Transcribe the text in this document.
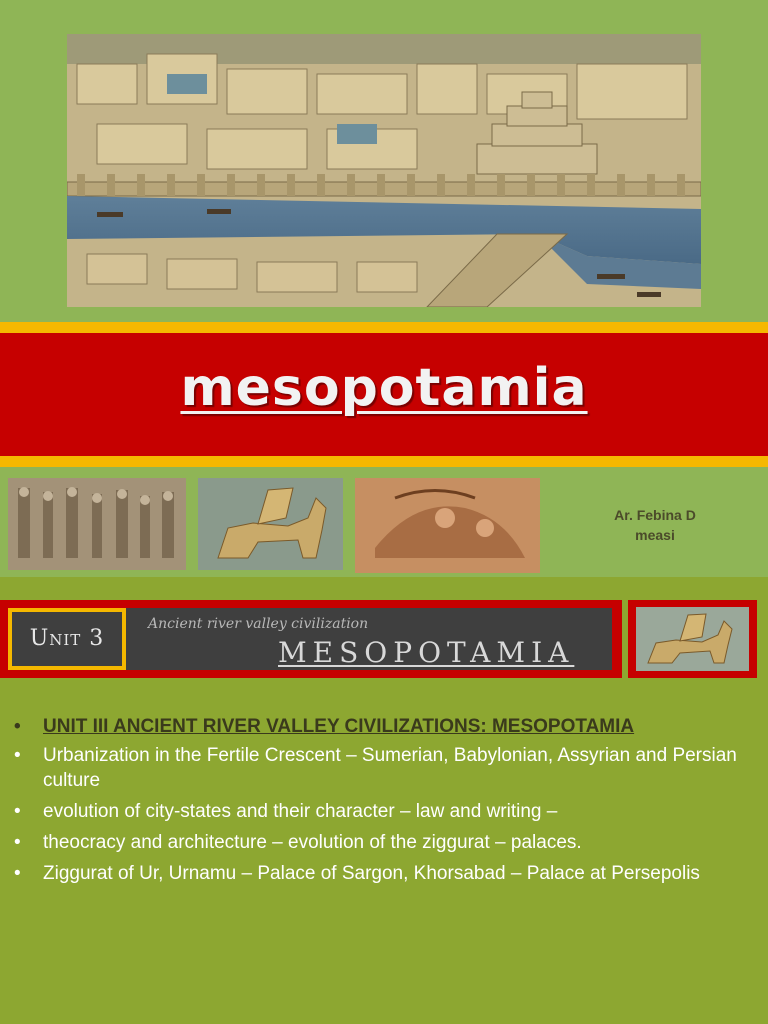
mesopotamia
Ar. Febina D
measi
Unit 3
Ancient river valley civilization
MESOPOTAMIA
• UNIT III ANCIENT RIVER VALLEY CIVILIZATIONS: MESOPOTAMIA
• Urbanization in the Fertile Crescent – Sumerian, Babylonian, Assyrian and Persian culture
• evolution of city-states and their character – law and writing –
• theocracy and architecture – evolution of the ziggurat – palaces.
• Ziggurat of Ur, Urnamu – Palace of Sargon, Khorsabad – Palace at Persepolis
